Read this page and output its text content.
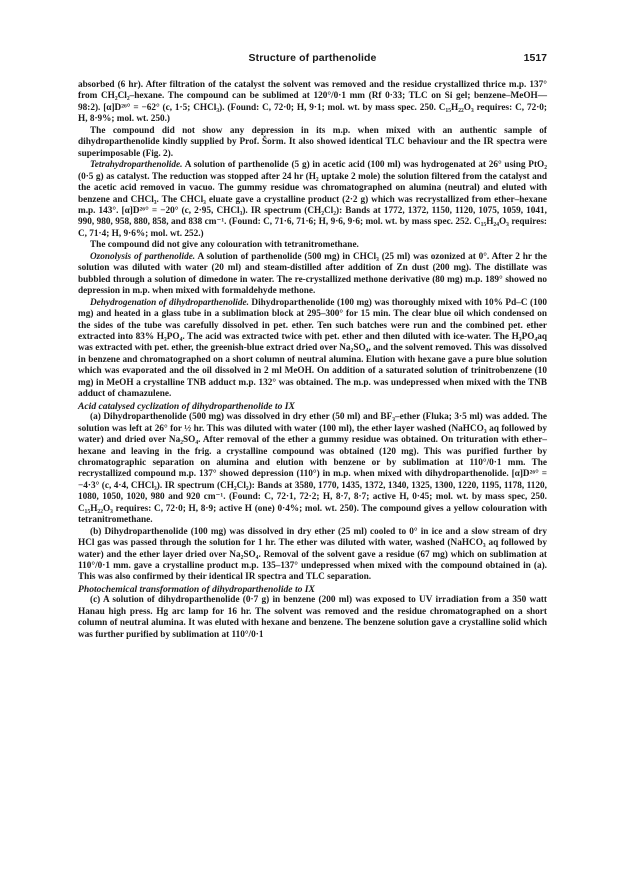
Structure of parthenolide	1517

absorbed (6 hr). After filtration of the catalyst the solvent was removed and the residue crystallized thrice m.p. 137° from CH₂Cl₂–hexane. The compound can be sublimed at 120°/0·1 mm (Rf 0·33; TLC on Si gel; benzene–MeOH—98:2). [α]D²⁶° = −62° (c, 1·5; CHCl₃). (Found: C, 72·0; H, 9·1; mol. wt. by mass spec. 250. C₁₅H₂₂O₃ requires: C, 72·0; H, 8·9%; mol. wt. 250.)

The compound did not show any depression in its m.p. when mixed with an authentic sample of dihydroparthenolide kindly supplied by Prof. Šorm. It also showed identical TLC behaviour and the IR spectra were superimposable (Fig. 2).

Tetrahydroparthenolide. A solution of parthenolide (5 g) in acetic acid (100 ml) was hydrogenated at 26° using PtO₂ (0·5 g) as catalyst. The reduction was stopped after 24 hr (H₂ uptake 2 mole) the solution filtered from the catalyst and the acetic acid removed in vacuo. The gummy residue was chromatographed on alumina (neutral) and eluted with benzene and CHCl₃. The CHCl₃ eluate gave a crystalline product (2·2 g) which was recrystallized from ether–hexane m.p. 143°. [α]D²⁶° = −20° (c, 2·95, CHCl₃). IR spectrum (CH₂Cl₂): Bands at 1772, 1372, 1150, 1120, 1075, 1059, 1041, 990, 980, 958, 880, 858, and 838 cm⁻¹. (Found: C, 71·6, 71·6; H, 9·6, 9·6; mol. wt. by mass spec. 252. C₁₅H₂₄O₃ requires: C, 71·4; H, 9·6%; mol. wt. 252.)

The compound did not give any colouration with tetranitromethane.

Ozonolysis of parthenolide. A solution of parthenolide (500 mg) in CHCl₃ (25 ml) was ozonized at 0°. After 2 hr the solution was diluted with water (20 ml) and steam-distilled after addition of Zn dust (200 mg). The distillate was bubbled through a solution of dimedone in water. The re-crystallized methone derivative (80 mg) m.p. 189° showed no depression in m.p. when mixed with formaldehyde methone.

Dehydrogenation of dihydroparthenolide. Dihydroparthenolide (100 mg) was thoroughly mixed with 10% Pd–C (100 mg) and heated in a glass tube in a sublimation block at 295–300° for 15 min. The clear blue oil which condensed on the sides of the tube was carefully dissolved in pet. ether. Ten such batches were run and the combined pet. ether extracted into 83% H₃PO₄. The acid was extracted twice with pet. ether and then diluted with ice-water. The H₃PO₄aq was extracted with pet. ether, the greenish-blue extract dried over Na₂SO₄, and the solvent removed. This was dissolved in benzene and chromatographed on a short column of neutral alumina. Elution with hexane gave a pure blue solution which was evaporated and the oil dissolved in 2 ml MeOH. On addition of a saturated solution of trinitrobenzene (10 mg) in MeOH a crystalline TNB adduct m.p. 132° was obtained. The m.p. was undepressed when mixed with the TNB adduct of chamazulene.

Acid catalysed cyclization of dihydroparthenolide to IX

(a) Dihydroparthenolide (500 mg) was dissolved in dry ether (50 ml) and BF₃–ether (Fluka; 3·5 ml) was added. The solution was left at 26° for ½ hr. This was diluted with water (100 ml), the ether layer washed (NaHCO₃ aq followed by water) and dried over Na₂SO₄. After removal of the ether a gummy residue was obtained. On trituration with ether–hexane and leaving in the frig. a crystalline compound was obtained (120 mg). This was purified further by chromatographic separation on alumina and elution with benzene or by sublimation at 110°/0·1 mm. The recrystallized compound m.p. 137° showed depression (110°) in m.p. when mixed with dihydroparthenolide. [α]D²⁶° = −4·3° (c, 4·4, CHCl₃). IR spectrum (CH₂Cl₂): Bands at 3580, 1770, 1435, 1372, 1340, 1325, 1300, 1220, 1195, 1178, 1120, 1080, 1050, 1020, 980 and 920 cm⁻¹. (Found: C, 72·1, 72·2; H, 8·7, 8·7; active H, 0·45; mol. wt. by mass spec, 250. C₁₅H₂₂O₃ requires: C, 72·0; H, 8·9; active H (one) 0·4%; mol. wt. 250). The compound gives a yellow colouration with tetranitromethane.

(b) Dihydroparthenolide (100 mg) was dissolved in dry ether (25 ml) cooled to 0° in ice and a slow stream of dry HCl gas was passed through the solution for 1 hr. The ether was diluted with water, washed (NaHCO₃ aq followed by water) and the ether layer dried over Na₂SO₄. Removal of the solvent gave a residue (67 mg) which on sublimation at 110°/0·1 mm. gave a crystalline product m.p. 135–137° undepressed when mixed with the compound obtained in (a). This was also confirmed by their identical IR spectra and TLC separation.

Photochemical transformation of dihydroparthenolide to IX

(c) A solution of dihydroparthenolide (0·7 g) in benzene (200 ml) was exposed to UV irradiation from a 350 watt Hanau high press. Hg arc lamp for 16 hr. The solvent was removed and the residue chromatographed on a short column of neutral alumina. It was eluted with hexane and benzene. The benzene solution gave a crystalline solid which was further purified by sublimation at 110°/0·1
